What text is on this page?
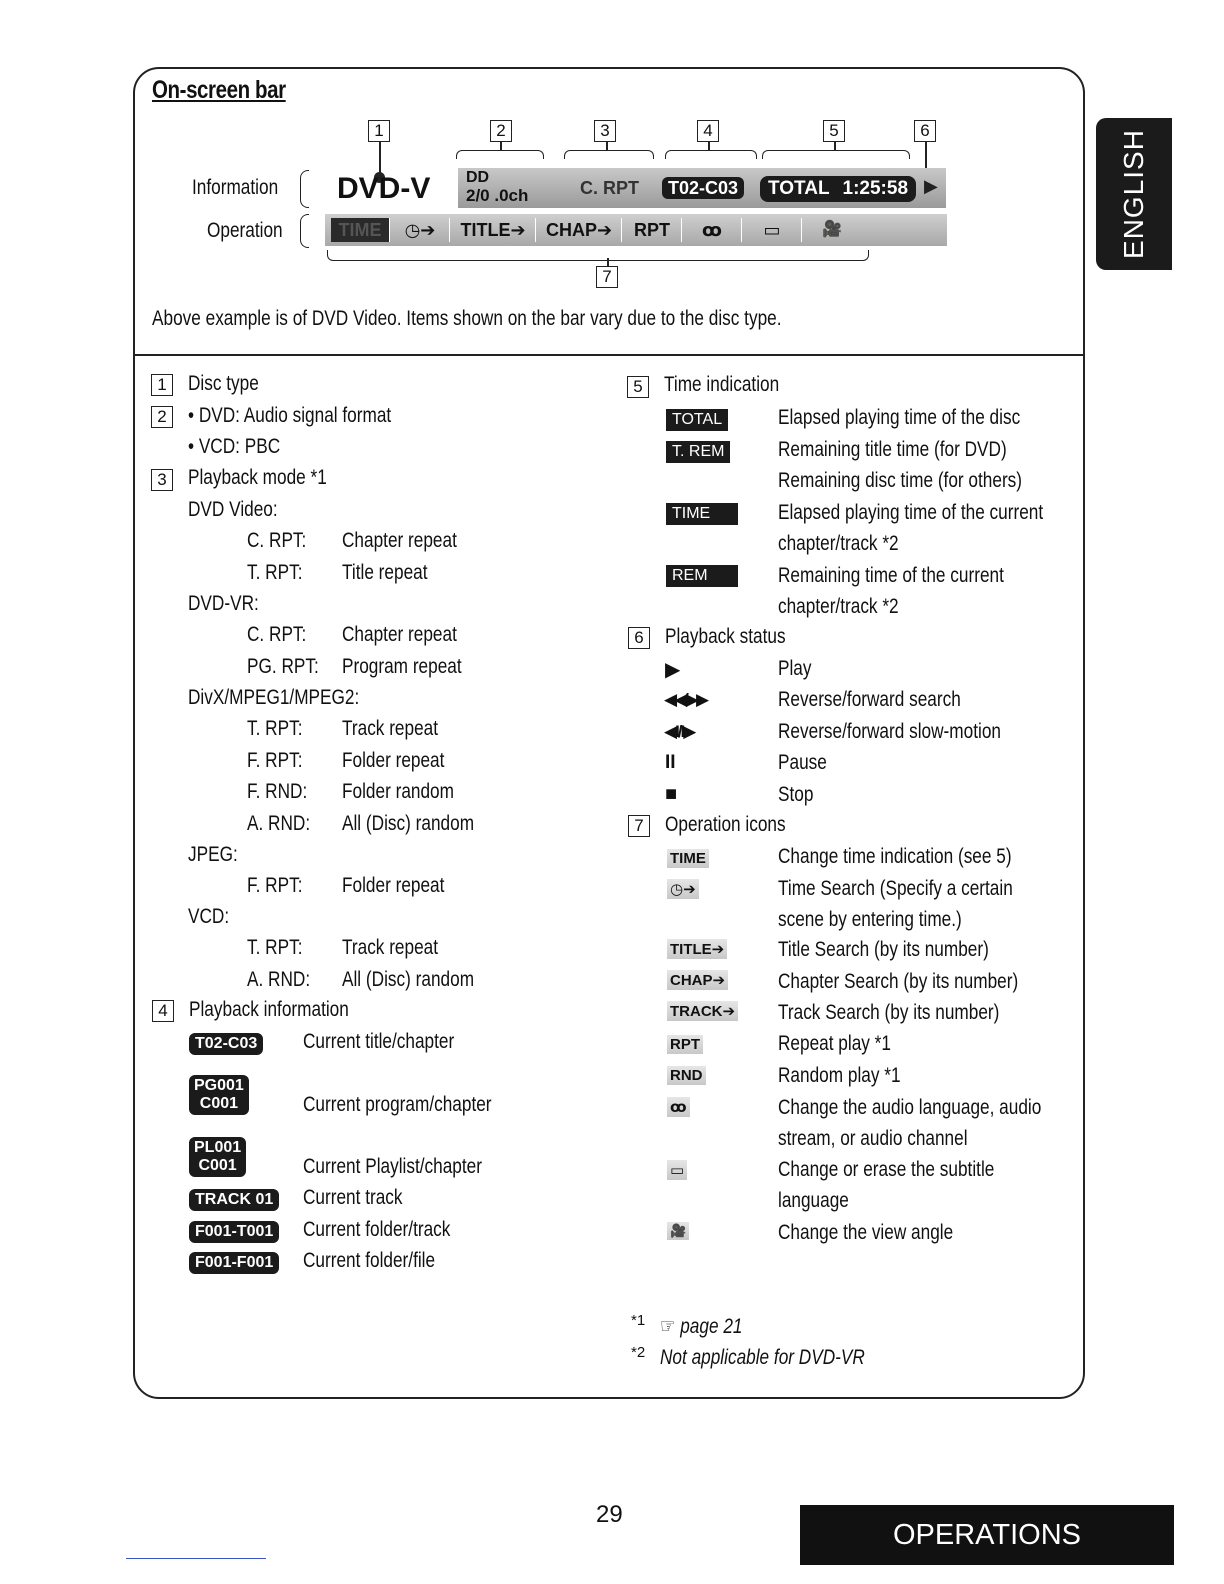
On-screen bar
ENGLISH
Information
Operation
1	2	3	4	5	6
7
DVD-V DD
2/0 .0ch	C. RPT	T02-C03	TOTAL 1:25:58 ▶
TIME	◷➔	TITLE➔	CHAP➔	RPT	ꝏ	▭	🎥
Above example is of DVD Video. Items shown on the bar vary due to the disc type.
1 Disc type
2 • DVD: Audio signal format
• VCD: PBC
3 Playback mode *1
DVD Video:
C. RPT: Chapter repeat
T. RPT: Title repeat
DVD-VR:
C. RPT: Chapter repeat
PG. RPT: Program repeat
DivX/MPEG1/MPEG2:
T. RPT: Track repeat
F. RPT: Folder repeat
F. RND: Folder random
A. RND: All (Disc) random
JPEG:
F. RPT: Folder repeat
VCD:
T. RPT: Track repeat
A. RND: All (Disc) random
4 Playback information
T02-C03 Current title/chapter
PG001
C001	Current program/chapter
PL001
C001	Current Playlist/chapter
TRACK 01 Current track
F001-T001 Current folder/track
F001-F001 Current folder/file
5 Time indication
TOTAL	Elapsed playing time of the disc
T. REM	Remaining title time (for DVD)
Remaining disc time (for others)
TIME	Elapsed playing time of the current
chapter/track *2
REM	Remaining time of the current
chapter/track *2
6 Playback status
▶	Play
◀◀/▶▶	Reverse/forward search
◀I/I▶	Reverse/forward slow-motion
II	Pause
■	Stop
7 Operation icons
TIME	Change time indication (see 5)
◷➔	Time Search (Specify a certain
scene by entering time.)
TITLE➔	Title Search (by its number)
CHAP➔	Chapter Search (by its number)
TRACK➔ Track Search (by its number)
RPT	Repeat play *1
RND	Random play *1
ꝏ	Change the audio language, audio
stream, or audio channel
▭	Change or erase the subtitle
language
🎥	Change the view angle
*1 ☞ page 21
*2 Not applicable for DVD-VR
29
OPERATIONS
